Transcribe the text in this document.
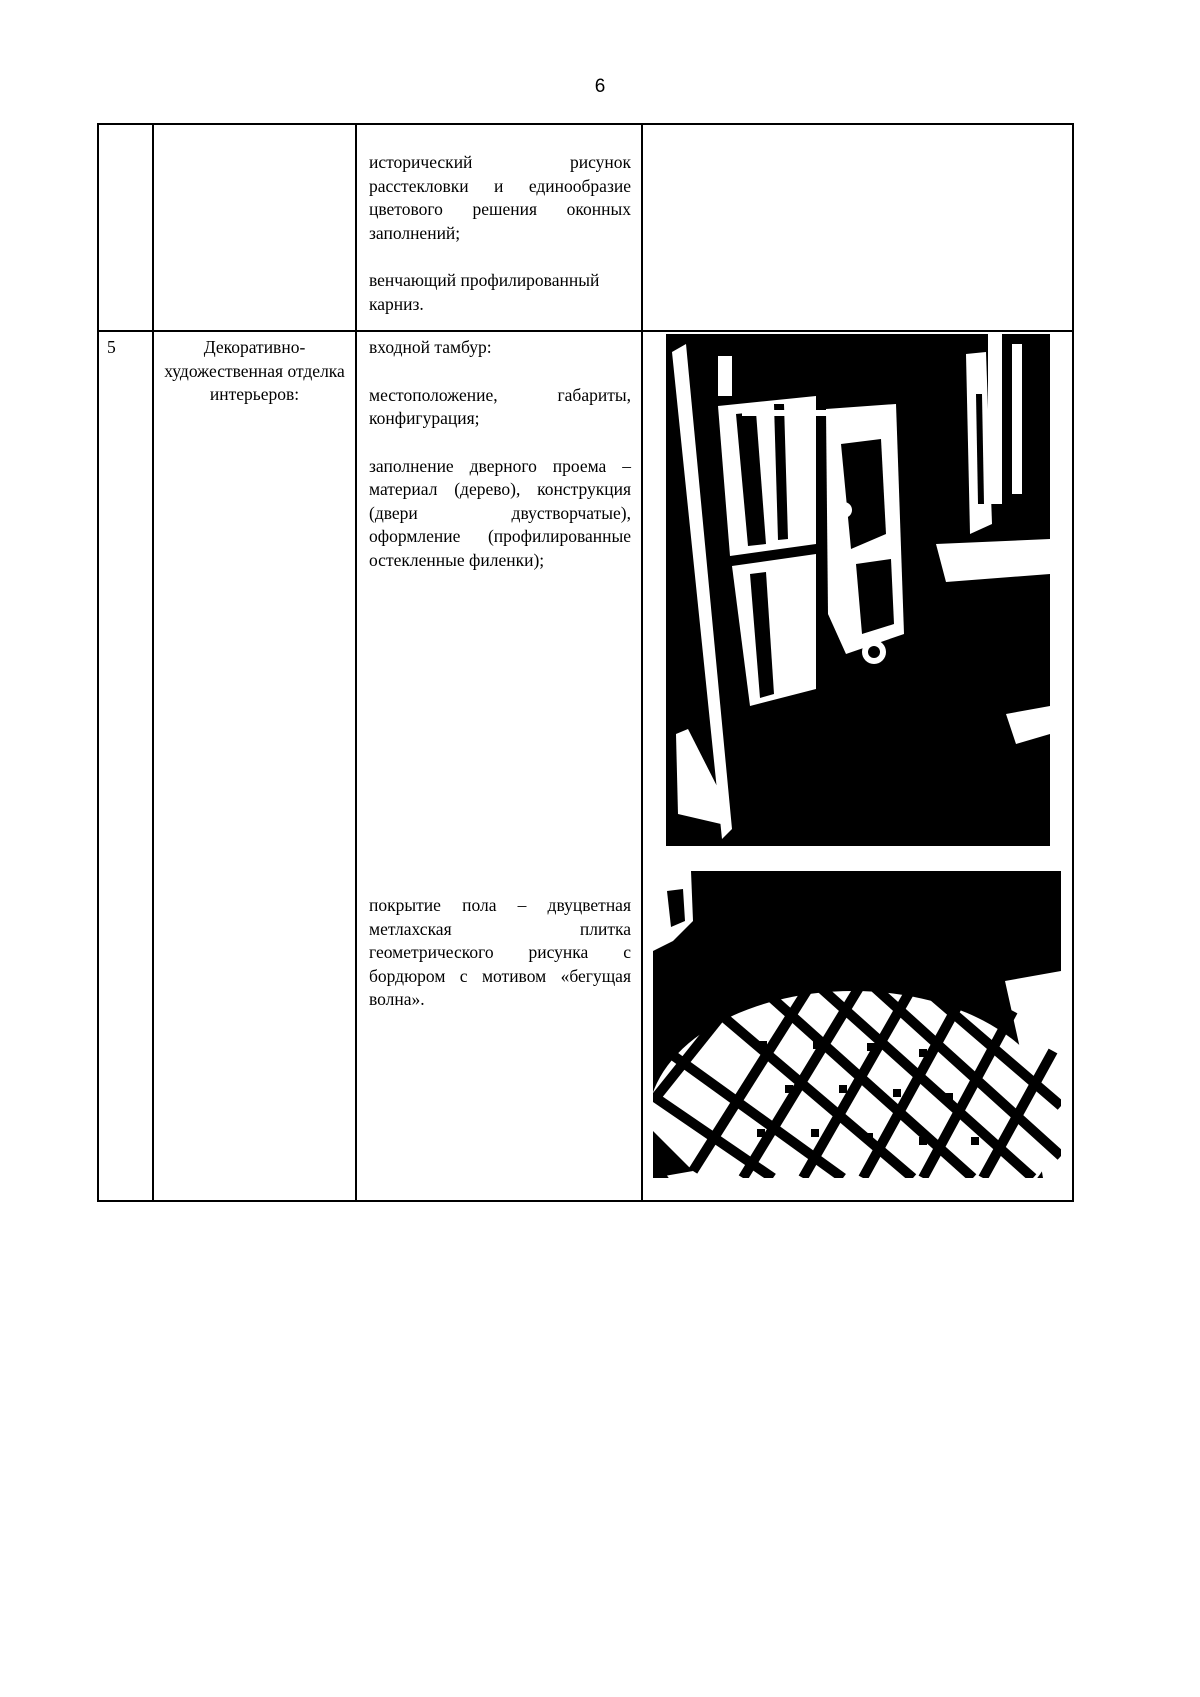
6

		исторический рисунок расстекловки и единообразие цветового решения оконных заполнений;

венчающий профилированный карниз.	

5	Декоративно-художественная отделка интерьеров:	входной тамбур:

местоположение, габариты, конфигурация;

заполнение дверного проема – материал (дерево), конструкция (двери двустворчатые), оформление (профилированные остекленные филенки);

покрытие пола – двуцветная метлахская плитка геометрического рисунка с бордюром с мотивом «бегущая волна».
